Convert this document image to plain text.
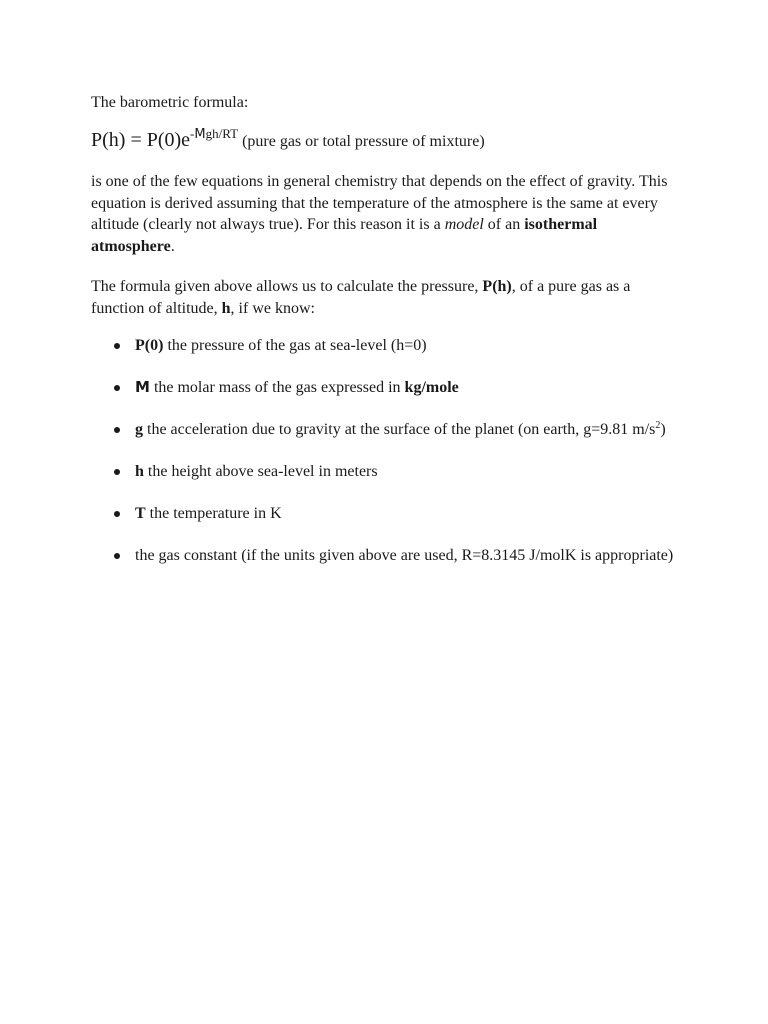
The barometric formula:

$P(h) = P(0)e^{-Mgh/RT}$ (pure gas or total pressure of mixture)

is one of the few equations in general chemistry that depends on the effect of gravity. This equation is derived assuming that the temperature of the atmosphere is the same at every altitude (clearly not always true). For this reason it is a model of an isothermal atmosphere.

The formula given above allows us to calculate the pressure, P(h), of a pure gas as a function of altitude, h, if we know:

P(0) the pressure of the gas at sea-level (h=0)
M the molar mass of the gas expressed in kg/mole
g the acceleration due to gravity at the surface of the planet (on earth, g=9.81 $m/s^2$)
h the height above sea-level in meters
T the temperature in K
the gas constant (if the units given above are used, R=8.3145 J/molK is appropriate)
